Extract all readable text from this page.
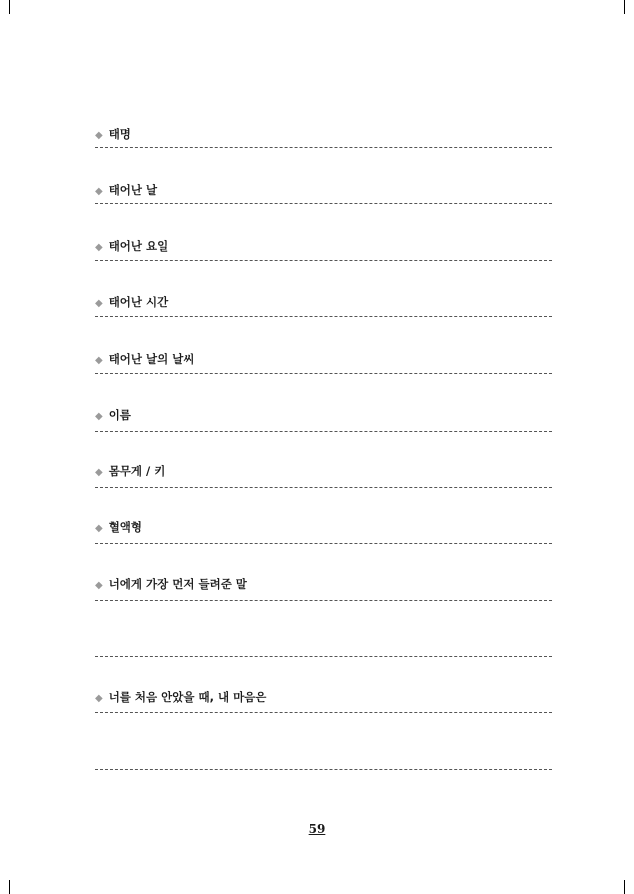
◆ 태명
◆ 태어난 날
◆ 태어난 요일
◆ 태어난 시간
◆ 태어난 날의 날씨
◆ 이름
◆ 몸무게 / 키
◆ 혈액형
◆ 너에게 가장 먼저 들려준 말
◆ 너를 처음 안았을 때, 내 마음은
59
